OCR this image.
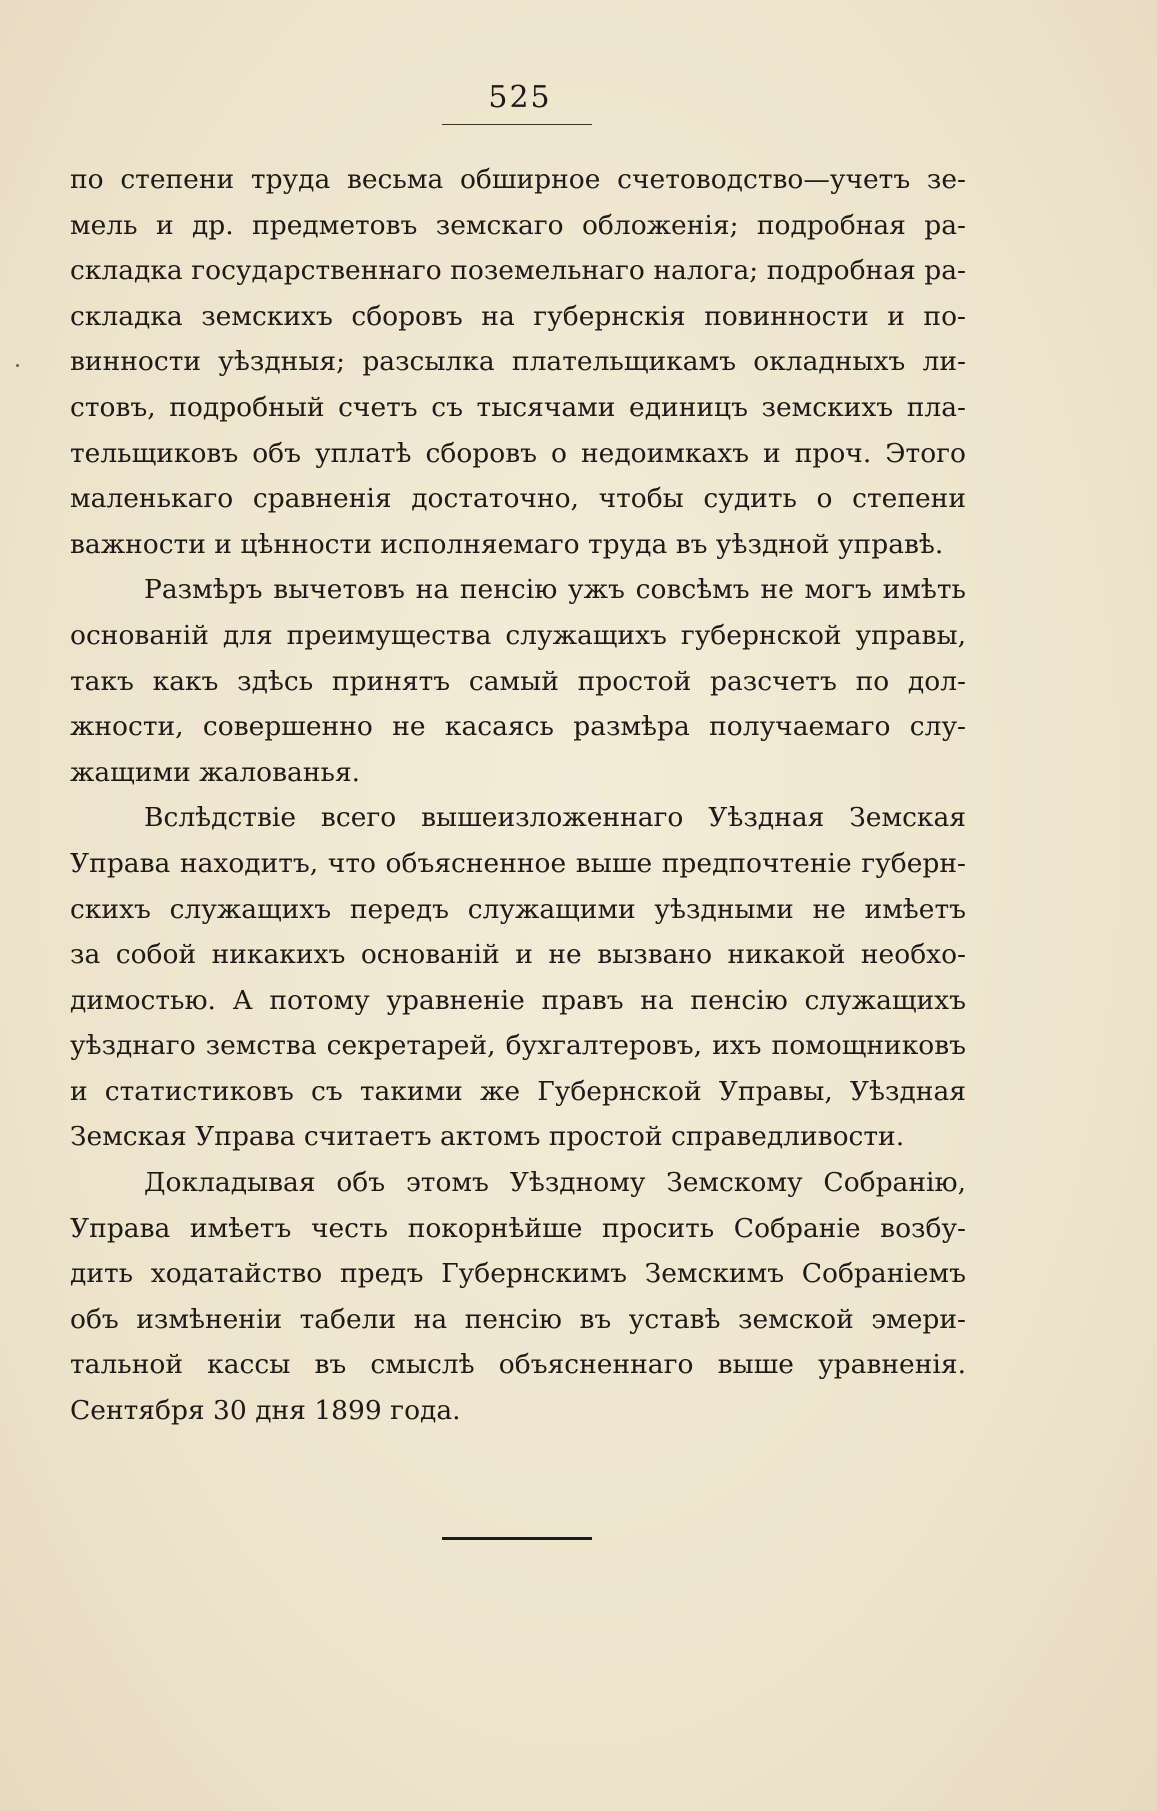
525
по степени труда весьма обширное счетоводство—учетъ зе-
мель и др. предметовъ земскаго обложенія; подробная ра-
складка государственнаго поземельнаго налога; подробная ра-
складка земскихъ сборовъ на губернскія повинности и по-
винности уѣздныя; разсылка плательщикамъ окладныхъ ли-
стовъ, подробный счетъ съ тысячами единицъ земскихъ пла-
тельщиковъ объ уплатѣ сборовъ о недоимкахъ и проч. Этого
маленькаго сравненія достаточно, чтобы судить о степени
важности и цѣнности исполняемаго труда въ уѣздной управѣ.
Размѣръ вычетовъ на пенсію ужъ совсѣмъ не могъ имѣть
основаній для преимущества служащихъ губернской управы,
такъ какъ здѣсь принятъ самый простой разсчетъ по дол-
жности, совершенно не касаясь размѣра получаемаго слу-
жащими жалованья.
Вслѣдствіе всего вышеизложеннаго Уѣздная Земская
Управа находитъ, что объясненное выше предпочтеніе губерн-
скихъ служащихъ передъ служащими уѣздными не имѣетъ
за собой никакихъ основаній и не вызвано никакой необхо-
димостью. А потому уравненіе правъ на пенсію служащихъ
уѣзднаго земства секретарей, бухгалтеровъ, ихъ помощниковъ
и статистиковъ съ такими же Губернской Управы, Уѣздная
Земская Управа считаетъ актомъ простой справедливости.
Докладывая объ этомъ Уѣздному Земскому Собранію,
Управа имѣетъ честь покорнѣйше просить Собраніе возбу-
дить ходатайство предъ Губернскимъ Земскимъ Собраніемъ
объ измѣненіи табели на пенсію въ уставѣ земской эмери-
тальной кассы въ смыслѣ объясненнаго выше уравненія.
Сентября 30 дня 1899 года.
